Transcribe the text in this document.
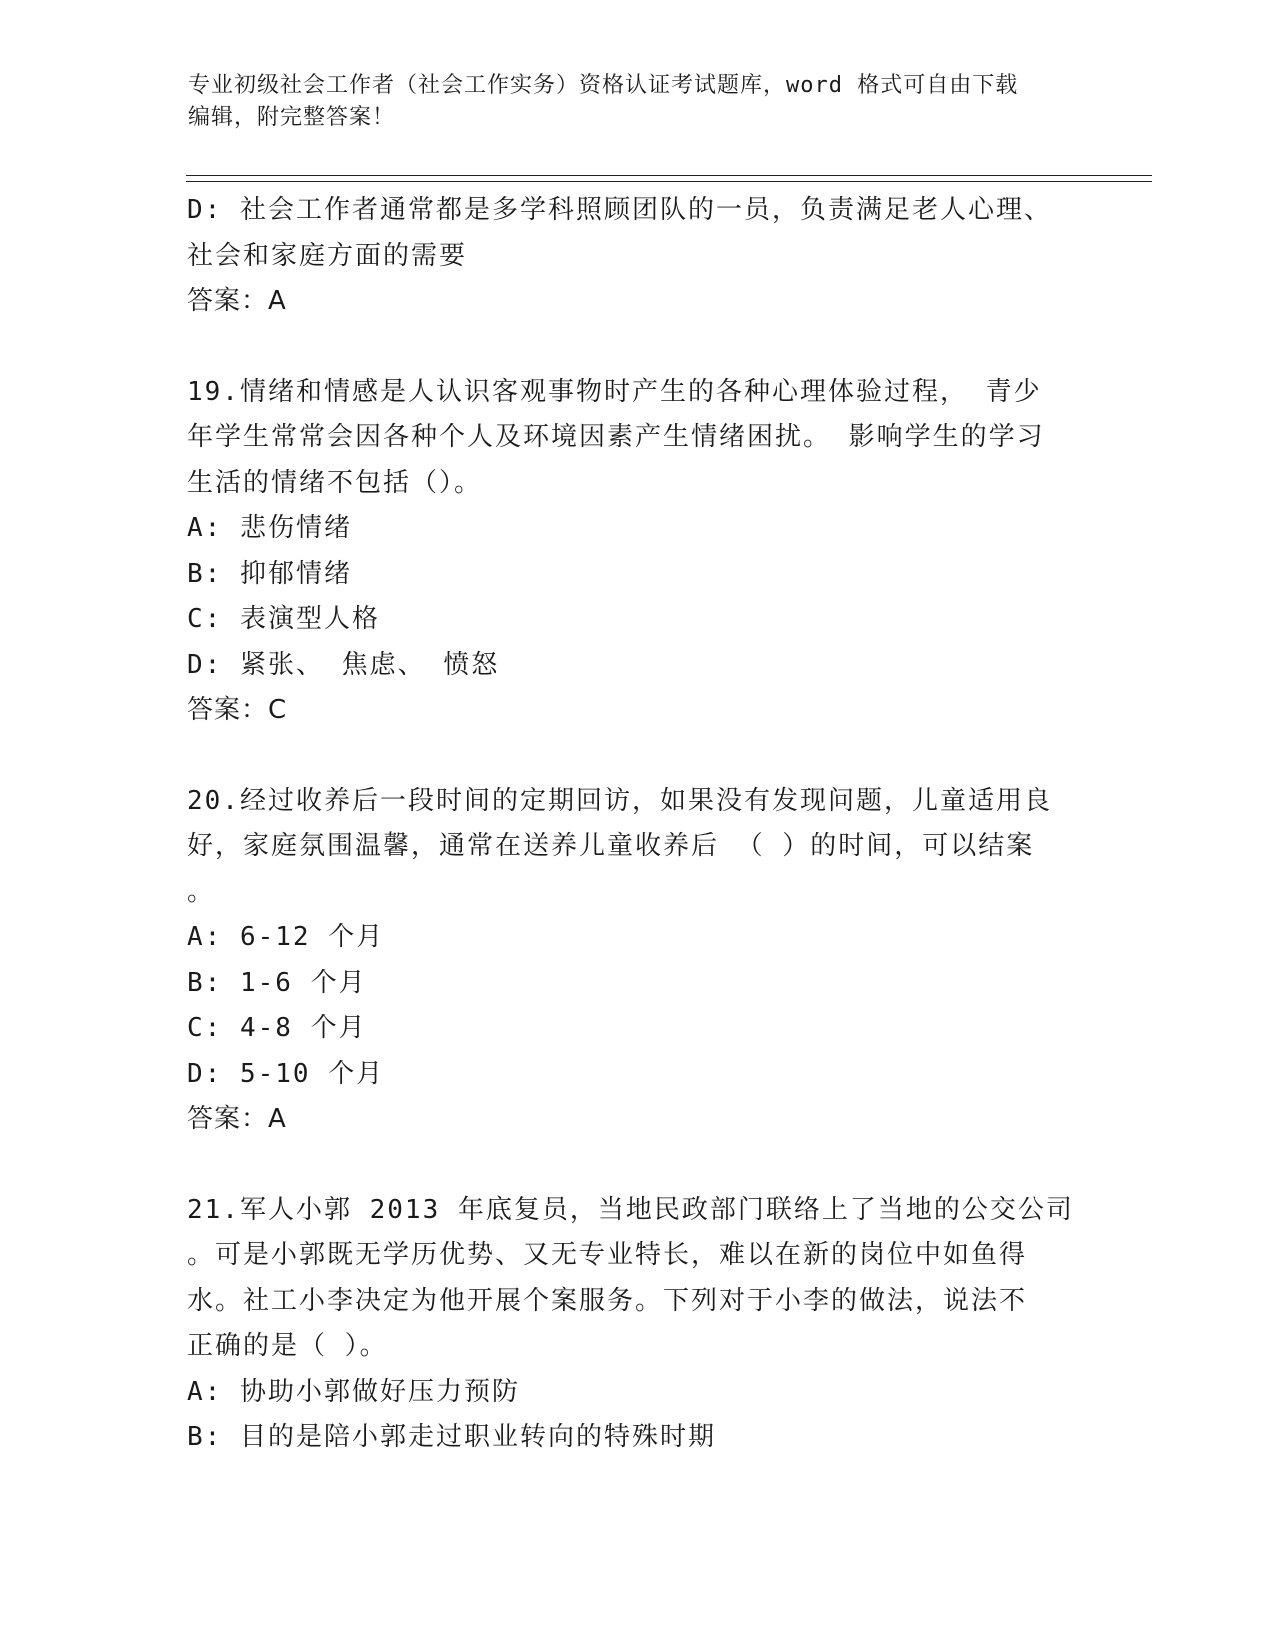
专业初级社会工作者（社会工作实务）资格认证考试题库，word 格式可自由下载
编辑，附完整答案！

D: 社会工作者通常都是多学科照顾团队的一员，负责满足老人心理、

社会和家庭方面的需要

答案：A

19.情绪和情感是人认识客观事物时产生的各种心理体验过程， 青少

年学生常常会因各种个人及环境因素产生情绪困扰。 影响学生的学习

生活的情绪不包括（）。

A: 悲伤情绪

B: 抑郁情绪

C: 表演型人格

D: 紧张、 焦虑、 愤怒

答案：C

20.经过收养后一段时间的定期回访，如果没有发现问题，儿童适用良

好，家庭氛围温馨，通常在送养儿童收养后 （ ）的时间，可以结案

。

A: 6-12 个月

B: 1-6 个月

C: 4-8 个月

D: 5-10 个月

答案：A

21.军人小郭 2013 年底复员，当地民政部门联络上了当地的公交公司

。可是小郭既无学历优势、又无专业特长，难以在新的岗位中如鱼得

水。社工小李决定为他开展个案服务。下列对于小李的做法，说法不

正确的是（ ）。

A: 协助小郭做好压力预防

B: 目的是陪小郭走过职业转向的特殊时期
